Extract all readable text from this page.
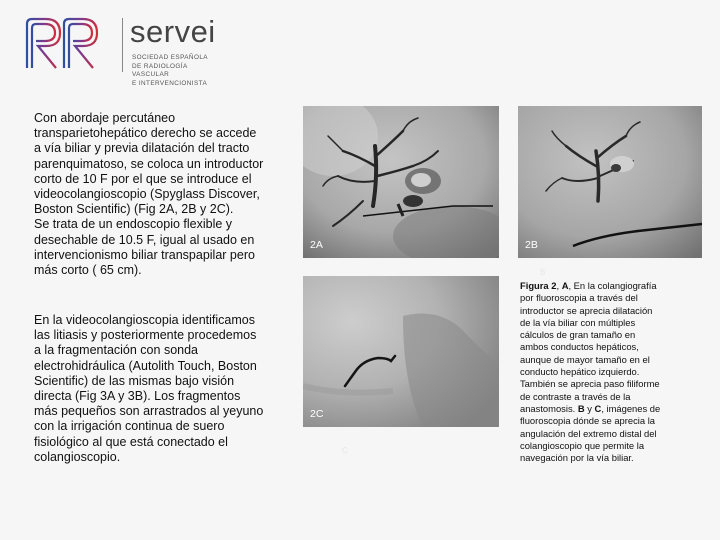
servei
SOCIEDAD ESPAÑOLA
DE RADIOLOGÍA
VASCULAR
E INTERVENCIONISTA
Con abordaje percutáneo
transparietohepático derecho se accede
a vía biliar y previa dilatación del tracto
parenquimatoso, se coloca un introductor
corto de 10 F por el que se introduce el
videocolangioscopio (Spyglass Discover,
Boston Scientific) (Fig 2A, 2B y 2C).
Se trata de un endoscopio flexible y
desechable de 10.5 F, igual al usado en
intervencionismo biliar transpapilar pero
más corto ( 65 cm).
En la videocolangioscopia identificamos
las litiasis y posteriormente procedemos
a la fragmentación con sonda
electrohidráulica (Autolith Touch, Boston
Scientific) de las mismas bajo visión
directa (Fig 3A y 3B). Los fragmentos
más pequeños son arrastrados al yeyuno
con la irrigación continua de suero
fisiológico al que está conectado el
colangioscopio.
2A	2B
B
2C
C
Figura 2, A, En la colangiografía
por fluoroscopia a través del
introductor se aprecia dilatación
de la vía biliar con múltiples
cálculos de gran tamaño en
ambos conductos hepáticos,
aunque de mayor tamaño en el
conducto hepático izquierdo.
También se aprecia paso filiforme
de contraste a través de la
anastomosis. B y C, imágenes de
fluoroscopia dónde se aprecia la
angulación del extremo distal del
colangioscopio que permite la
navegación por la vía biliar.
